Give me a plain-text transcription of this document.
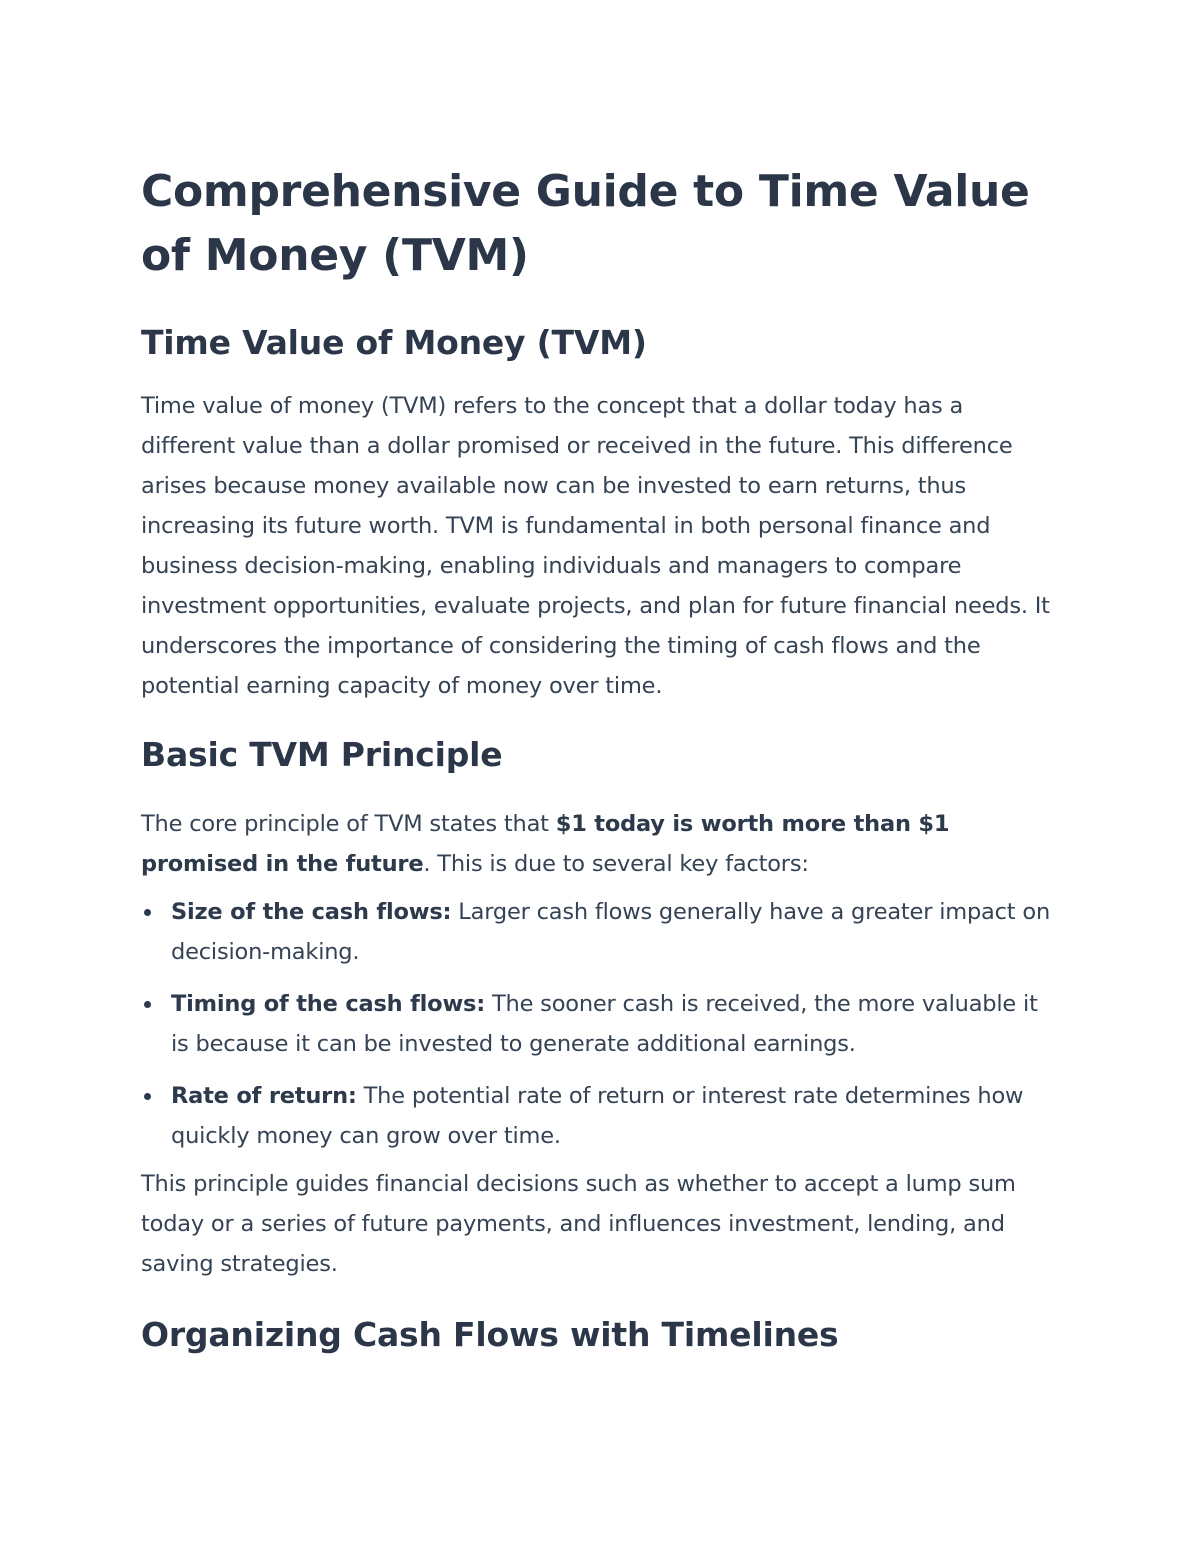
Comprehensive Guide to Time Value of Money (TVM)
Time Value of Money (TVM)

Time value of money (TVM) refers to the concept that a dollar today has a different value than a dollar promised or received in the future. This difference arises because money available now can be invested to earn returns, thus increasing its future worth. TVM is fundamental in both personal finance and business decision-making, enabling individuals and managers to compare investment opportunities, evaluate projects, and plan for future financial needs. It underscores the importance of considering the timing of cash flows and the potential earning capacity of money over time.

Basic TVM Principle

The core principle of TVM states that $1 today is worth more than $1 promised in the future. This is due to several key factors:

Size of the cash flows: Larger cash flows generally have a greater impact on decision-making.
Timing of the cash flows: The sooner cash is received, the more valuable it is because it can be invested to generate additional earnings.
Rate of return: The potential rate of return or interest rate determines how quickly money can grow over time.

This principle guides financial decisions such as whether to accept a lump sum today or a series of future payments, and influences investment, lending, and saving strategies.

Organizing Cash Flows with Timelines
